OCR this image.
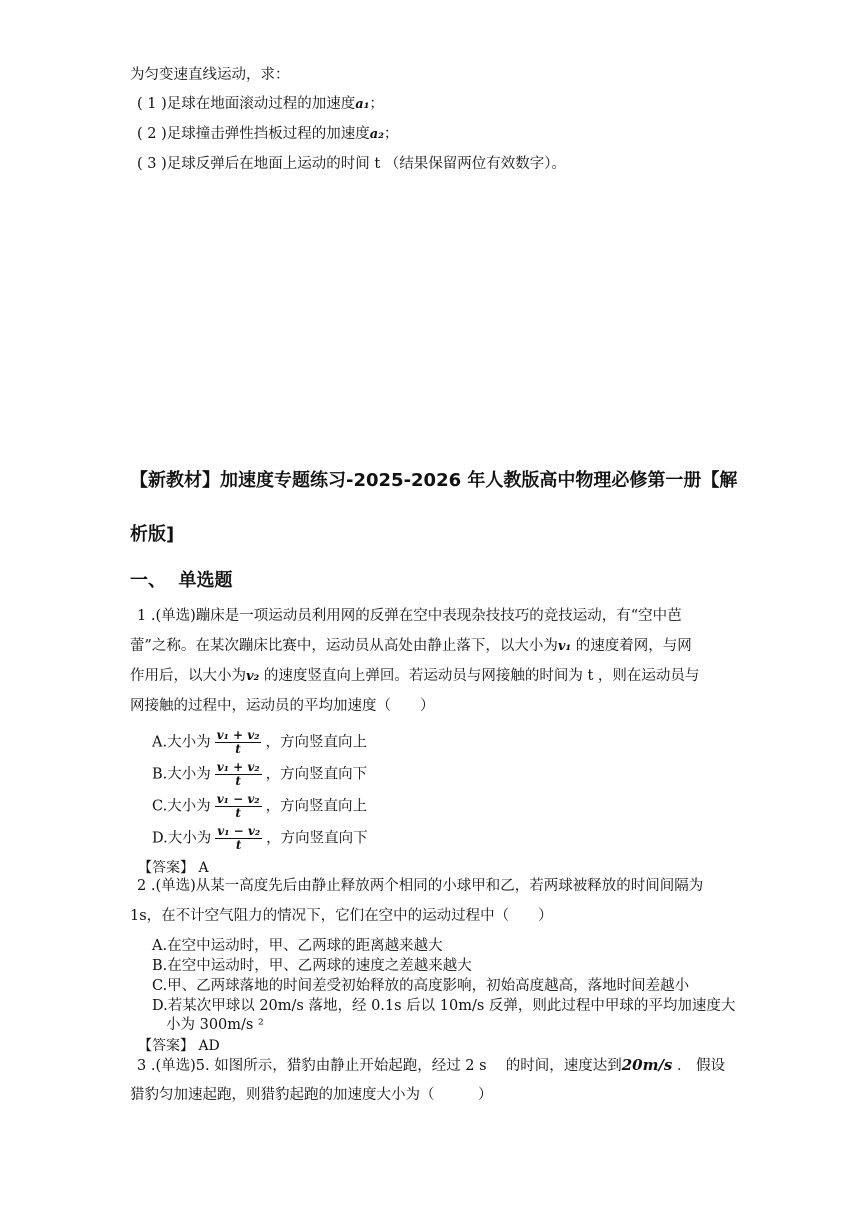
为匀变速直线运动，求：
( 1 )足球在地面滚动过程的加速度a₁；
( 2 )足球撞击弹性挡板过程的加速度a₂；
( 3 )足球反弹后在地面上运动的时间 t （结果保留两位有效数字）。
【新教材】加速度专题练习-2025-2026 年人教版高中物理必修第一册【解
析版]
一、 单选题
1 .(单选)蹦床是一项运动员利用网的反弹在空中表现杂技技巧的竞技运动，有“空中芭
蕾”之称。在某次蹦床比赛中，运动员从高处由静止落下，以大小为v₁ 的速度着网，与网
作用后，以大小为v₂ 的速度竖直向上弹回。若运动员与网接触的时间为 t ，则在运动员与
网接触的过程中，运动员的平均加速度（　　）
A.大小为 $\frac{\text{v₁ + v₂}}{t}$ ，方向竖直向上
B.大小为 $\frac{\text{v₁ + v₂}}{t}$ ，方向竖直向下
C.大小为 $\frac{\text{v₁ − v₂}}{t}$ ，方向竖直向上
D.大小为 $\frac{\text{v₁ − v₂}}{t}$ ，方向竖直向下
【答案】 A
2 .(单选)从某一高度先后由静止释放两个相同的小球甲和乙，若两球被释放的时间间隔为
1s，在不计空气阻力的情况下，它们在空中的运动过程中（　　）
A.在空中运动时，甲、乙两球的距离越来越大
B.在空中运动时，甲、乙两球的速度之差越来越大
C.甲、乙两球落地的时间差受初始释放的高度影响，初始高度越高，落地时间差越小
D.若某次甲球以 20m/s 落地，经 0.1s 后以 10m/s 反弹，则此过程中甲球的平均加速度大
小为 300m/s ²
【答案】 AD
3 .(单选)5. 如图所示，猎豹由静止开始起跑，经过 2 s 　的时间，速度达到20m/s ． 假设
猎豹匀加速起跑，则猎豹起跑的加速度大小为（　　　）
